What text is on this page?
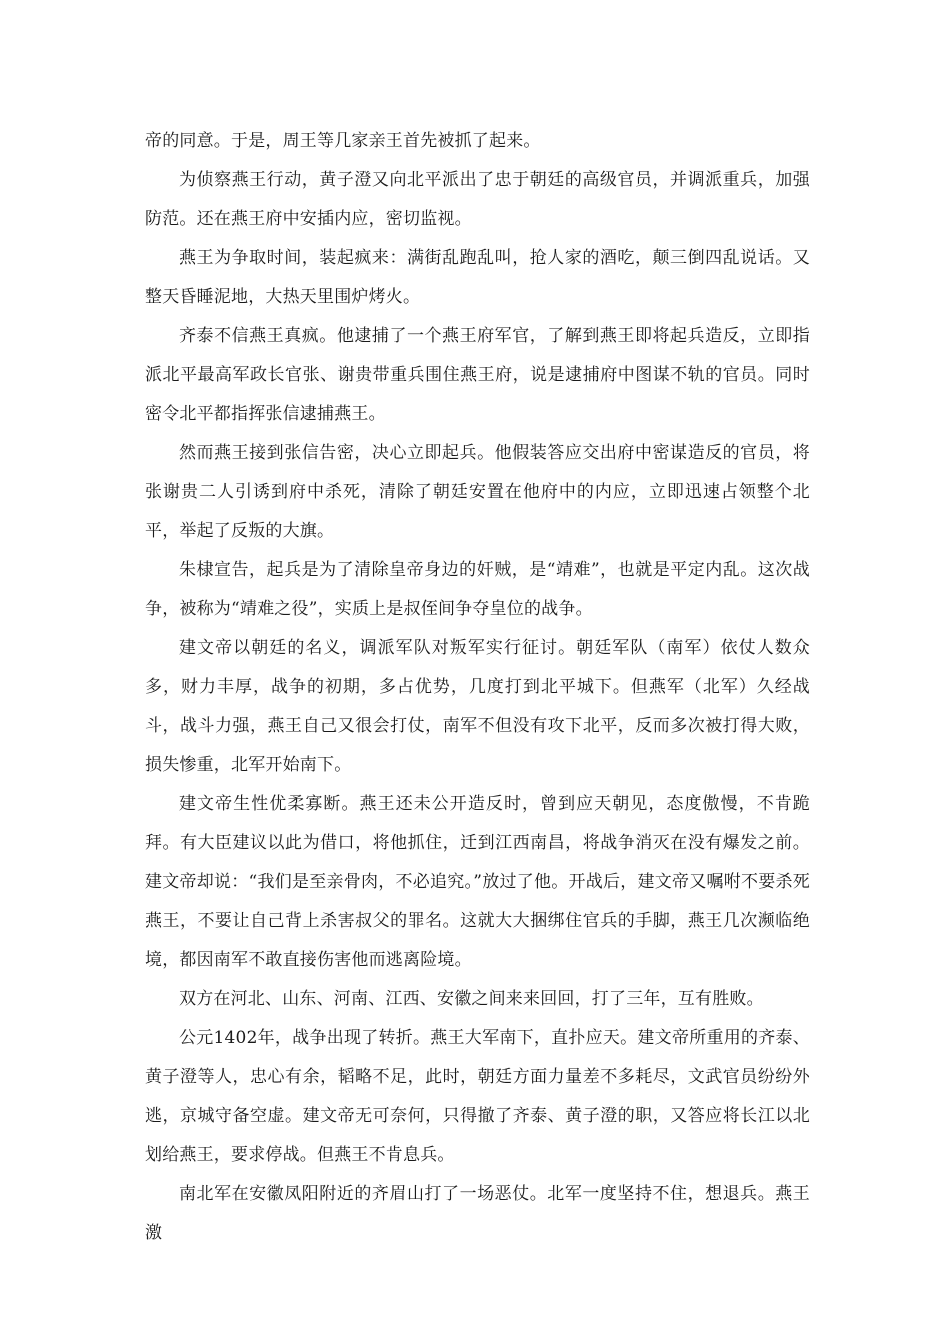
帝的同意。于是，周王等几家亲王首先被抓了起来。

为侦察燕王行动，黄子澄又向北平派出了忠于朝廷的高级官员，并调派重兵，加强防范。还在燕王府中安插内应，密切监视。

燕王为争取时间，装起疯来：满街乱跑乱叫，抢人家的酒吃，颠三倒四乱说话。又整天昏睡泥地，大热天里围炉烤火。

齐泰不信燕王真疯。他逮捕了一个燕王府军官，了解到燕王即将起兵造反，立即指派北平最高军政长官张、谢贵带重兵围住燕王府，说是逮捕府中图谋不轨的官员。同时密令北平都指挥张信逮捕燕王。

然而燕王接到张信告密，决心立即起兵。他假装答应交出府中密谋造反的官员，将张谢贵二人引诱到府中杀死，清除了朝廷安置在他府中的内应，立即迅速占领整个北平，举起了反叛的大旗。

朱棣宣告，起兵是为了清除皇帝身边的奸贼，是“靖难”，也就是平定内乱。这次战争，被称为“靖难之役”，实质上是叔侄间争夺皇位的战争。

建文帝以朝廷的名义，调派军队对叛军实行征讨。朝廷军队（南军）依仗人数众多，财力丰厚，战争的初期，多占优势，几度打到北平城下。但燕军（北军）久经战斗，战斗力强，燕王自己又很会打仗，南军不但没有攻下北平，反而多次被打得大败，损失惨重，北军开始南下。

建文帝生性优柔寡断。燕王还未公开造反时，曾到应天朝见，态度傲慢，不肯跪拜。有大臣建议以此为借口，将他抓住，迁到江西南昌，将战争消灭在没有爆发之前。建文帝却说：“我们是至亲骨肉，不必追究。”放过了他。开战后，建文帝又嘱咐不要杀死燕王，不要让自己背上杀害叔父的罪名。这就大大捆绑住官兵的手脚，燕王几次濒临绝境，都因南军不敢直接伤害他而逃离险境。

双方在河北、山东、河南、江西、安徽之间来来回回，打了三年，互有胜败。

公元1402年，战争出现了转折。燕王大军南下，直扑应天。建文帝所重用的齐泰、黄子澄等人，忠心有余，韬略不足，此时，朝廷方面力量差不多耗尽，文武官员纷纷外逃，京城守备空虚。建文帝无可奈何，只得撤了齐泰、黄子澄的职，又答应将长江以北划给燕王，要求停战。但燕王不肯息兵。

南北军在安徽凤阳附近的齐眉山打了一场恶仗。北军一度坚持不住，想退兵。燕王激
